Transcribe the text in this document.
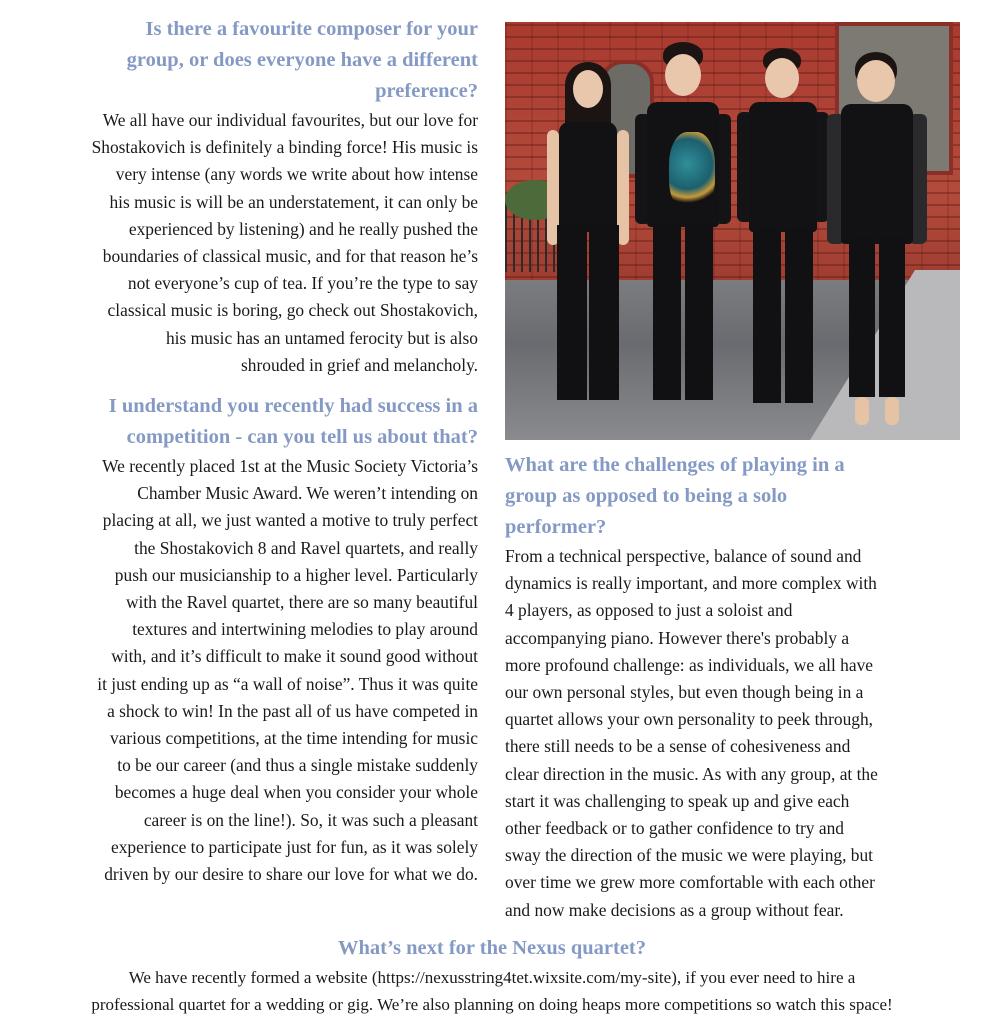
Is there a favourite composer for your
group, or does everyone have a different
preference?
We all have our individual favourites, but our love for
Shostakovich is definitely a binding force! His music is
very intense (any words we write about how intense
his music is will be an understatement, it can only be
experienced by listening) and he really pushed the
boundaries of classical music, and for that reason he’s
not everyone’s cup of tea. If you’re the type to say
classical music is boring, go check out Shostakovich,
his music has an untamed ferocity but is also
shrouded in grief and melancholy.
I understand you recently had success in a
competition - can you tell us about that?
We recently placed 1st at the Music Society Victoria’s
Chamber Music Award. We weren’t intending on
placing at all, we just wanted a motive to truly perfect
the Shostakovich 8 and Ravel quartets, and really
push our musicianship to a higher level. Particularly
with the Ravel quartet, there are so many beautiful
textures and intertwining melodies to play around
with, and it’s difficult to make it sound good without
it just ending up as “a wall of noise”. Thus it was quite
a shock to win! In the past all of us have competed in
various competitions, at the time intending for music
to be our career (and thus a single mistake suddenly
becomes a huge deal when you consider your whole
career is on the line!). So, it was such a pleasant
experience to participate just for fun, as it was solely
driven by our desire to share our love for what we do.
What are the challenges of playing in a
group as opposed to being a solo
performer?
From a technical perspective, balance of sound and
dynamics is really important, and more complex with
4 players, as opposed to just a soloist and
accompanying piano. However there's probably a
more profound challenge: as individuals, we all have
our own personal styles, but even though being in a
quartet allows your own personality to peek through,
there still needs to be a sense of cohesiveness and
clear direction in the music. As with any group, at the
start it was challenging to speak up and give each
other feedback or to gather confidence to try and
sway the direction of the music we were playing, but
over time we grew more comfortable with each other
and now make decisions as a group without fear.
What’s next for the Nexus quartet?
We have recently formed a website (https://nexusstring4tet.wixsite.com/my-site), if you ever need to hire a
professional quartet for a wedding or gig. We’re also planning on doing heaps more competitions so watch this space!
